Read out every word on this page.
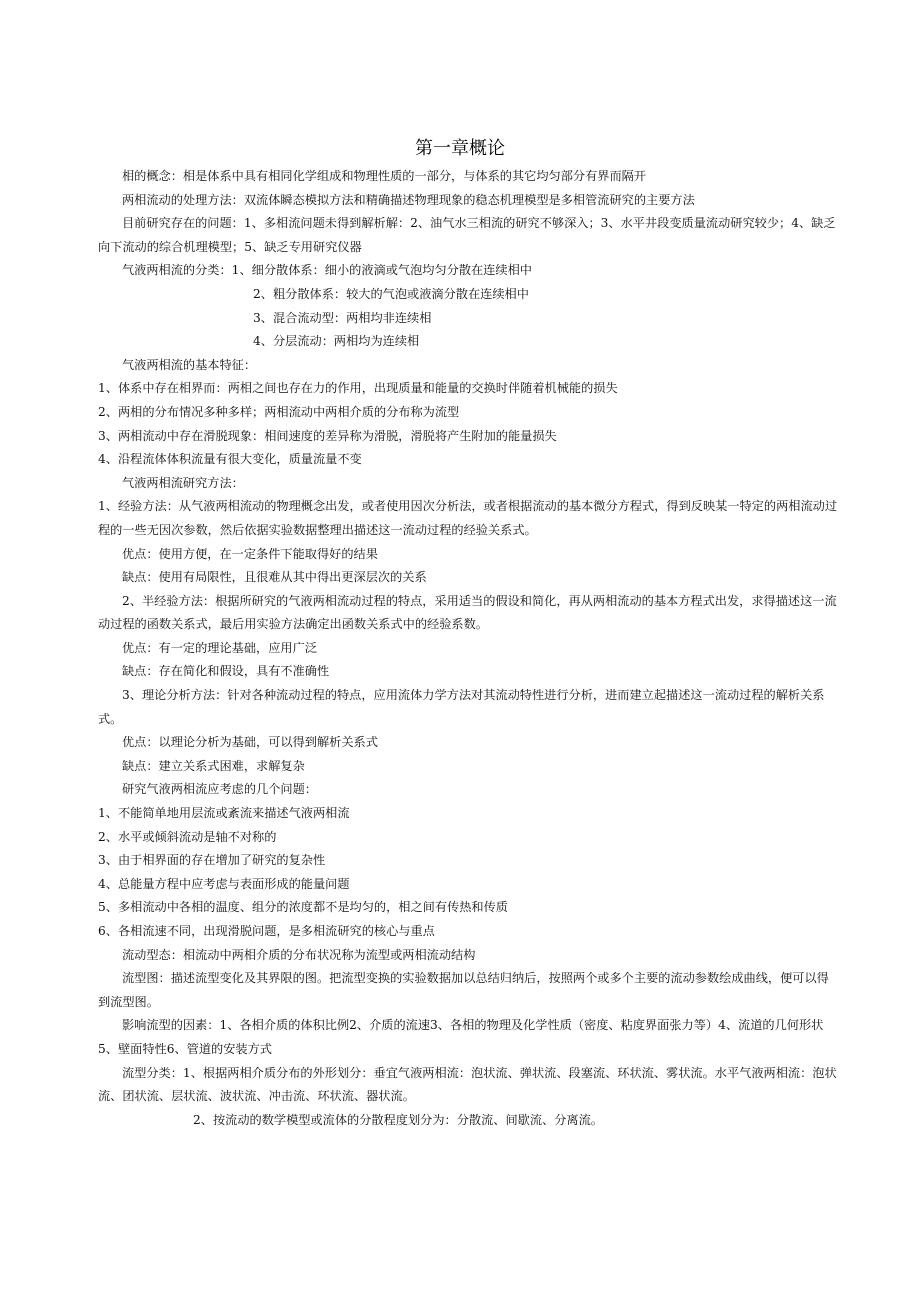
第一章概论

相的概念：相是体系中具有相同化学组成和物理性质的一部分，与体系的其它均匀部分有界而隔开

两相流动的处理方法：双流体瞬态模拟方法和精确描述物理现象的稳态机理模型是多相管流研究的主要方法

目前研究存在的问题：1、多相流问题未得到解析解：2、油气水三相流的研究不够深入；3、水平井段变质量流动研究较少；4、缺乏向下流动的综合机理模型；5、缺乏专用研究仪器

气液两相流的分类：1、细分散体系：细小的液滴或气泡均匀分散在连续相中

2、粗分散体系：较大的气泡或液滴分散在连续相中

3、混合流动型：两相均非连续相

4、分层流动：两相均为连续相

气液两相流的基本特征：

1、体系中存在相界而：两相之间也存在力的作用，出现质量和能量的交换时伴随着机械能的损失

2、两相的分布情况多种多样；两相流动中两相介质的分布称为流型

3、两相流动中存在滑脱现象：相间速度的差异称为滑脱，滑脱将产生附加的能量损失

4、沿程流体体积流量有很大变化，质量流量不变

气液两相流研究方法：

1、经验方法：从气液两相流动的物理概念出发，或者使用因次分析法，或者根据流动的基本微分方程式，得到反映某一特定的两相流动过程的一些无因次参数，然后依据实验数据整理出描述这一流动过程的经验关系式。

优点：使用方便，在一定条件下能取得好的结果

缺点：使用有局限性，且很难从其中得出更深层次的关系

2、半经验方法：根据所研究的气液两相流动过程的特点，采用适当的假设和简化，再从两相流动的基本方程式出发，求得描述这一流动过程的函数关系式，最后用实验方法确定出函数关系式中的经验系数。

优点：有一定的理论基础，应用广泛

缺点：存在简化和假设，具有不准确性

3、理论分析方法：针对各种流动过程的特点，应用流体力学方法对其流动特性进行分析，进而建立起描述这一流动过程的解析关系式。

优点：以理论分析为基础，可以得到解析关系式

缺点：建立关系式困难，求解复杂

研究气液两相流应考虑的几个问题：

1、不能简单地用层流或紊流来描述气液两相流

2、水平或倾斜流动是轴不对称的

3、由于相界面的存在增加了研究的复杂性

4、总能量方程中应考虑与表面形成的能量问题

5、多相流动中各相的温度、组分的浓度都不是均匀的，相之间有传热和传质

6、各相流速不同，出现滑脱问题，是多相流研究的核心与重点

流动型态：相流动中两相介质的分布状况称为流型或两相流动结构

流型图：描述流型变化及其界限的图。把流型变换的实验数据加以总结归纳后，按照两个或多个主要的流动参数绘成曲线，便可以得到流型图。

影响流型的因素：1、各相介质的体积比例2、介质的流速3、各相的物理及化学性质（密度、粘度界面张力等）4、流道的几何形状5、壁面特性6、管道的安装方式

流型分类：1、根据两相介质分布的外形划分：垂宜气液两相流：泡状流、弹状流、段塞流、环状流、雾状流。水平气液两相流：泡状流、团状流、层状流、波状流、冲击流、环状流、器状流。

2、按流动的数学模型或流体的分散程度划分为：分散流、间歇流、分离流。
